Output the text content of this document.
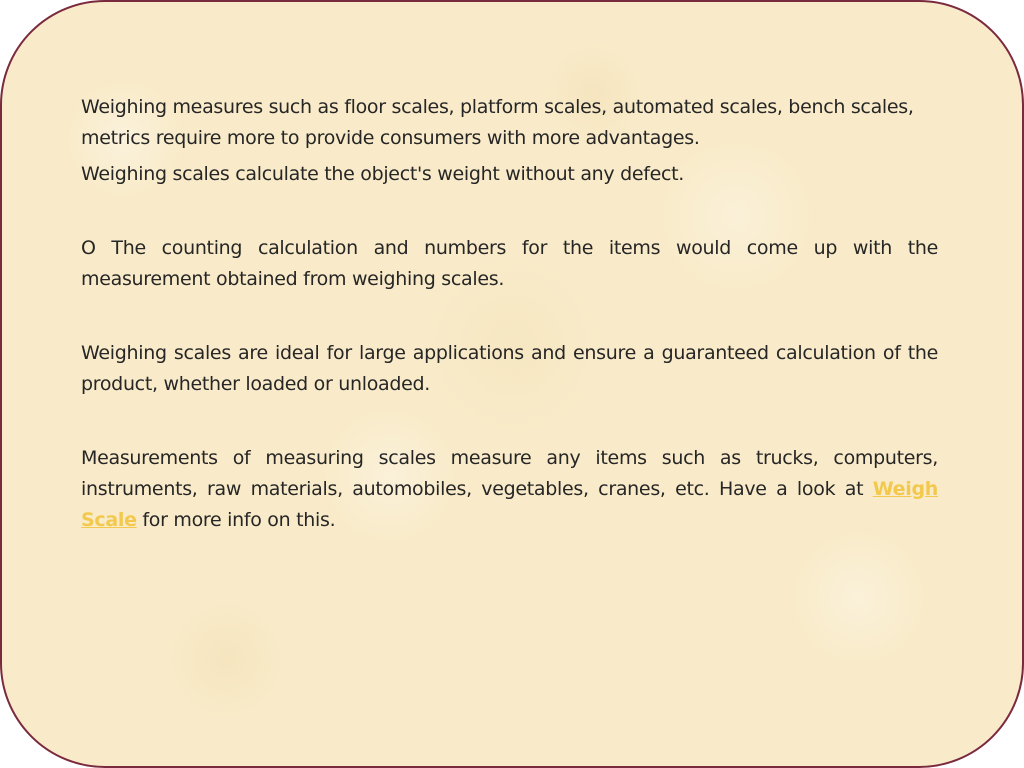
Weighing measures such as floor scales, platform scales, automated scales, bench scales, metrics require more to provide consumers with more advantages.

Weighing scales calculate the object's weight without any defect.

O The counting calculation and numbers for the items would come up with the measurement obtained from weighing scales.

Weighing scales are ideal for large applications and ensure a guaranteed calculation of the product, whether loaded or unloaded.

Measurements of measuring scales measure any items such as trucks, computers, instruments, raw materials, automobiles, vegetables, cranes, etc. Have a look at Weigh Scale for more info on this.
